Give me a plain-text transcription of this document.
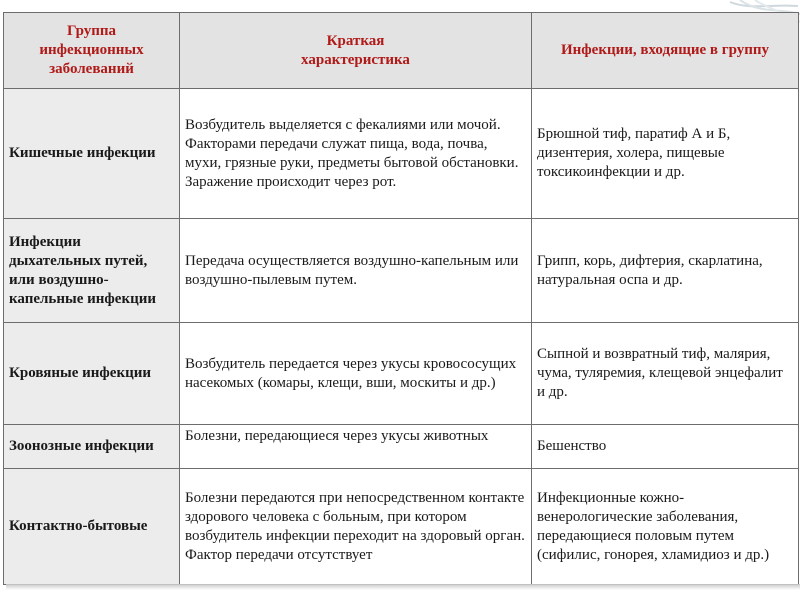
Группа инфекционных заболеваний	Краткая характеристика	Инфекции, входящие в группу
Кишечные инфекции	Возбудитель выделяется с фекалиями или мочой. Факторами передачи служат пища, вода, почва, мухи, грязные руки, предметы бытовой обстановки. Заражение происходит через рот.	Брюшной тиф, паратиф А и Б, дизентерия, холера, пищевые токсикоинфекции и др.
Инфекции дыхательных путей, или воздушно-капельные инфекции	Передача осуществляется воздушно-капельным или воздушно-пылевым путем.	Грипп, корь, дифтерия, скарлатина, натуральная оспа и др.
Кровяные инфекции	Возбудитель передается через укусы кровососущих насекомых (комары, клещи, вши, москиты и др.)	Сыпной и возвратный тиф, малярия, чума, туляремия, клещевой энцефалит и др.
Зоонозные инфекции	Болезни, передающиеся через укусы животных	Бешенство
Контактно-бытовые	Болезни передаются при непосредственном контакте здорового человека с больным, при котором возбудитель инфекции переходит на здоровый орган. Фактор передачи отсутствует	Инфекционные кожно-венерологические заболевания, передающиеся половым путем (сифилис, гонорея, хламидиоз и др.)
